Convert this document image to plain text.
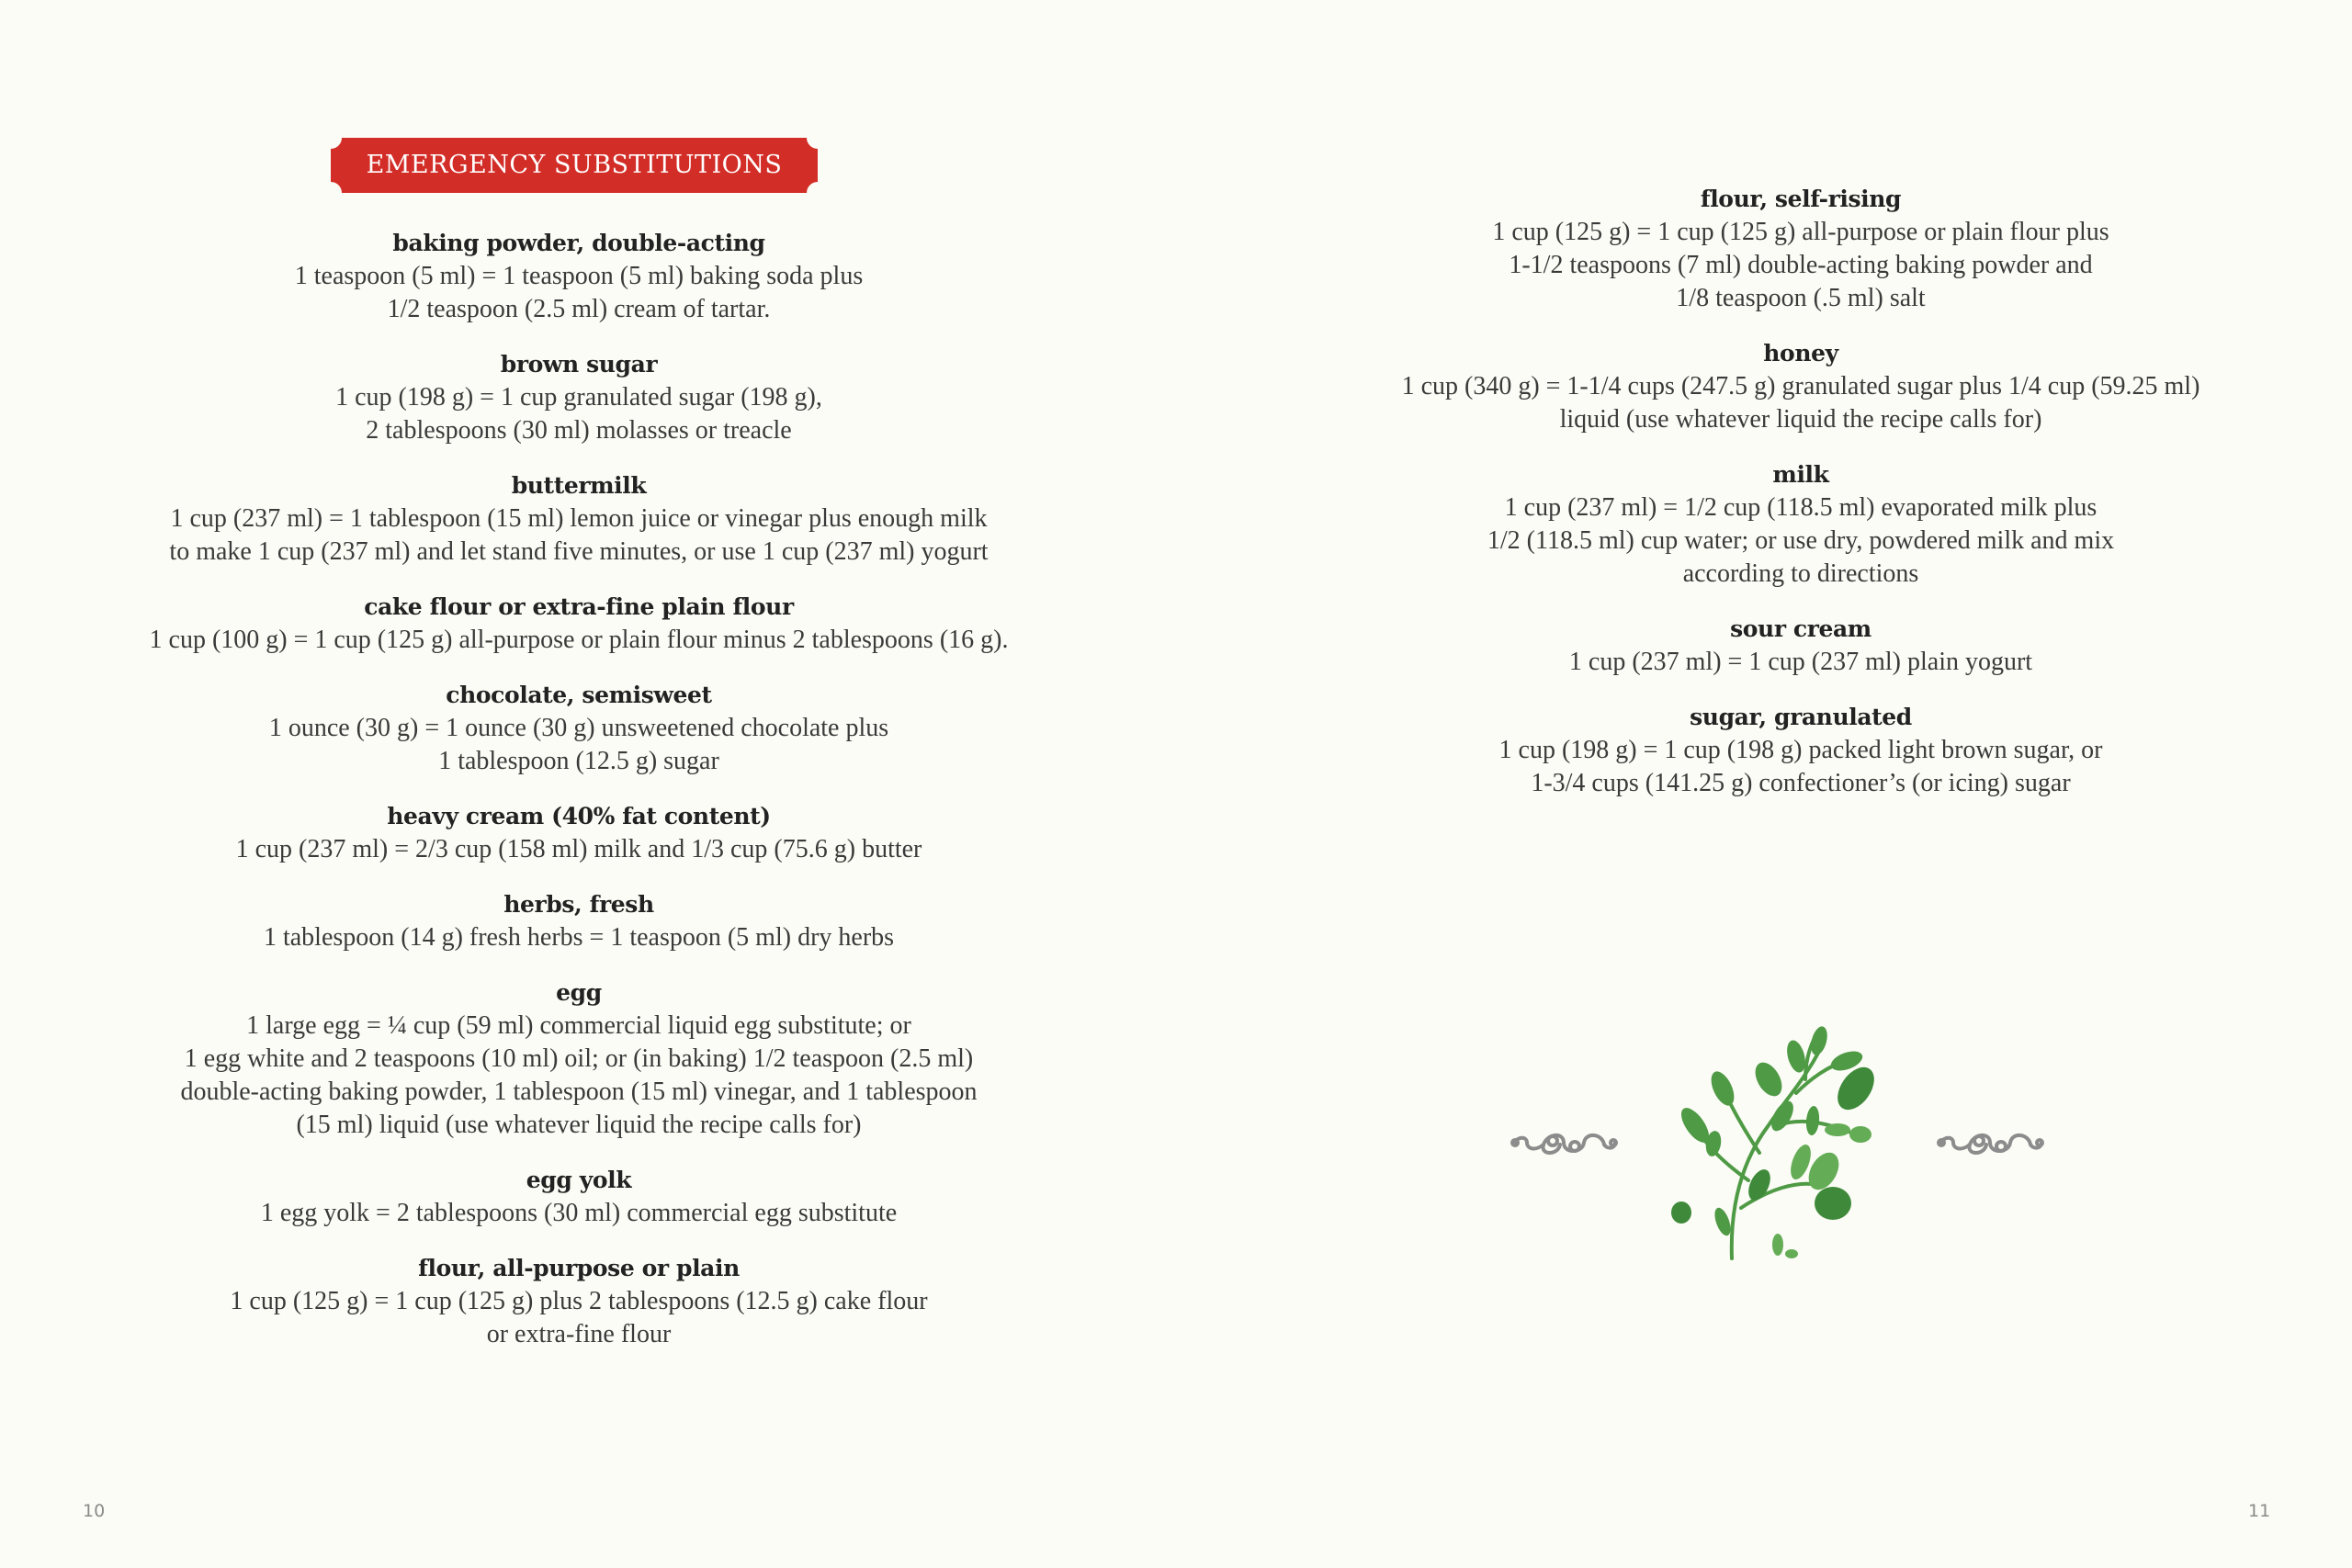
EMERGENCY SUBSTITUTIONS
baking powder, double-acting
1 teaspoon (5 ml) = 1 teaspoon (5 ml) baking soda plus
1/2 teaspoon (2.5 ml) cream of tartar.
brown sugar
1 cup (198 g) = 1 cup granulated sugar (198 g),
2 tablespoons (30 ml) molasses or treacle
buttermilk
1 cup (237 ml) = 1 tablespoon (15 ml) lemon juice or vinegar plus enough milk
to make 1 cup (237 ml) and let stand five minutes, or use 1 cup (237 ml) yogurt
cake flour or extra-fine plain flour
1 cup (100 g) = 1 cup (125 g) all-purpose or plain flour minus 2 tablespoons (16 g).
chocolate, semisweet
1 ounce (30 g) = 1 ounce (30 g) unsweetened chocolate plus
1 tablespoon (12.5 g) sugar
heavy cream (40% fat content)
1 cup (237 ml) = 2/3 cup (158 ml) milk and 1/3 cup (75.6 g) butter
herbs, fresh
1 tablespoon (14 g) fresh herbs = 1 teaspoon (5 ml) dry herbs
egg
1 large egg = ¼ cup (59 ml) commercial liquid egg substitute; or
1 egg white and 2 teaspoons (10 ml) oil; or (in baking) 1/2 teaspoon (2.5 ml)
double-acting baking powder, 1 tablespoon (15 ml) vinegar, and 1 tablespoon
(15 ml) liquid (use whatever liquid the recipe calls for)
egg yolk
1 egg yolk = 2 tablespoons (30 ml) commercial egg substitute
flour, all-purpose or plain
1 cup (125 g) = 1 cup (125 g) plus 2 tablespoons (12.5 g) cake flour
or extra-fine flour
10
flour, self-rising
1 cup (125 g) = 1 cup (125 g) all-purpose or plain flour plus
1-1/2 teaspoons (7 ml) double-acting baking powder and
1/8 teaspoon (.5 ml) salt
honey
1 cup (340 g) = 1-1/4 cups (247.5 g) granulated sugar plus 1/4 cup (59.25 ml)
liquid (use whatever liquid the recipe calls for)
milk
1 cup (237 ml) = 1/2 cup (118.5 ml) evaporated milk plus
1/2 (118.5 ml) cup water; or use dry, powdered milk and mix
according to directions
sour cream
1 cup (237 ml) = 1 cup (237 ml) plain yogurt
sugar, granulated
1 cup (198 g) = 1 cup (198 g) packed light brown sugar, or
1-3/4 cups (141.25 g) confectioner’s (or icing) sugar
11
